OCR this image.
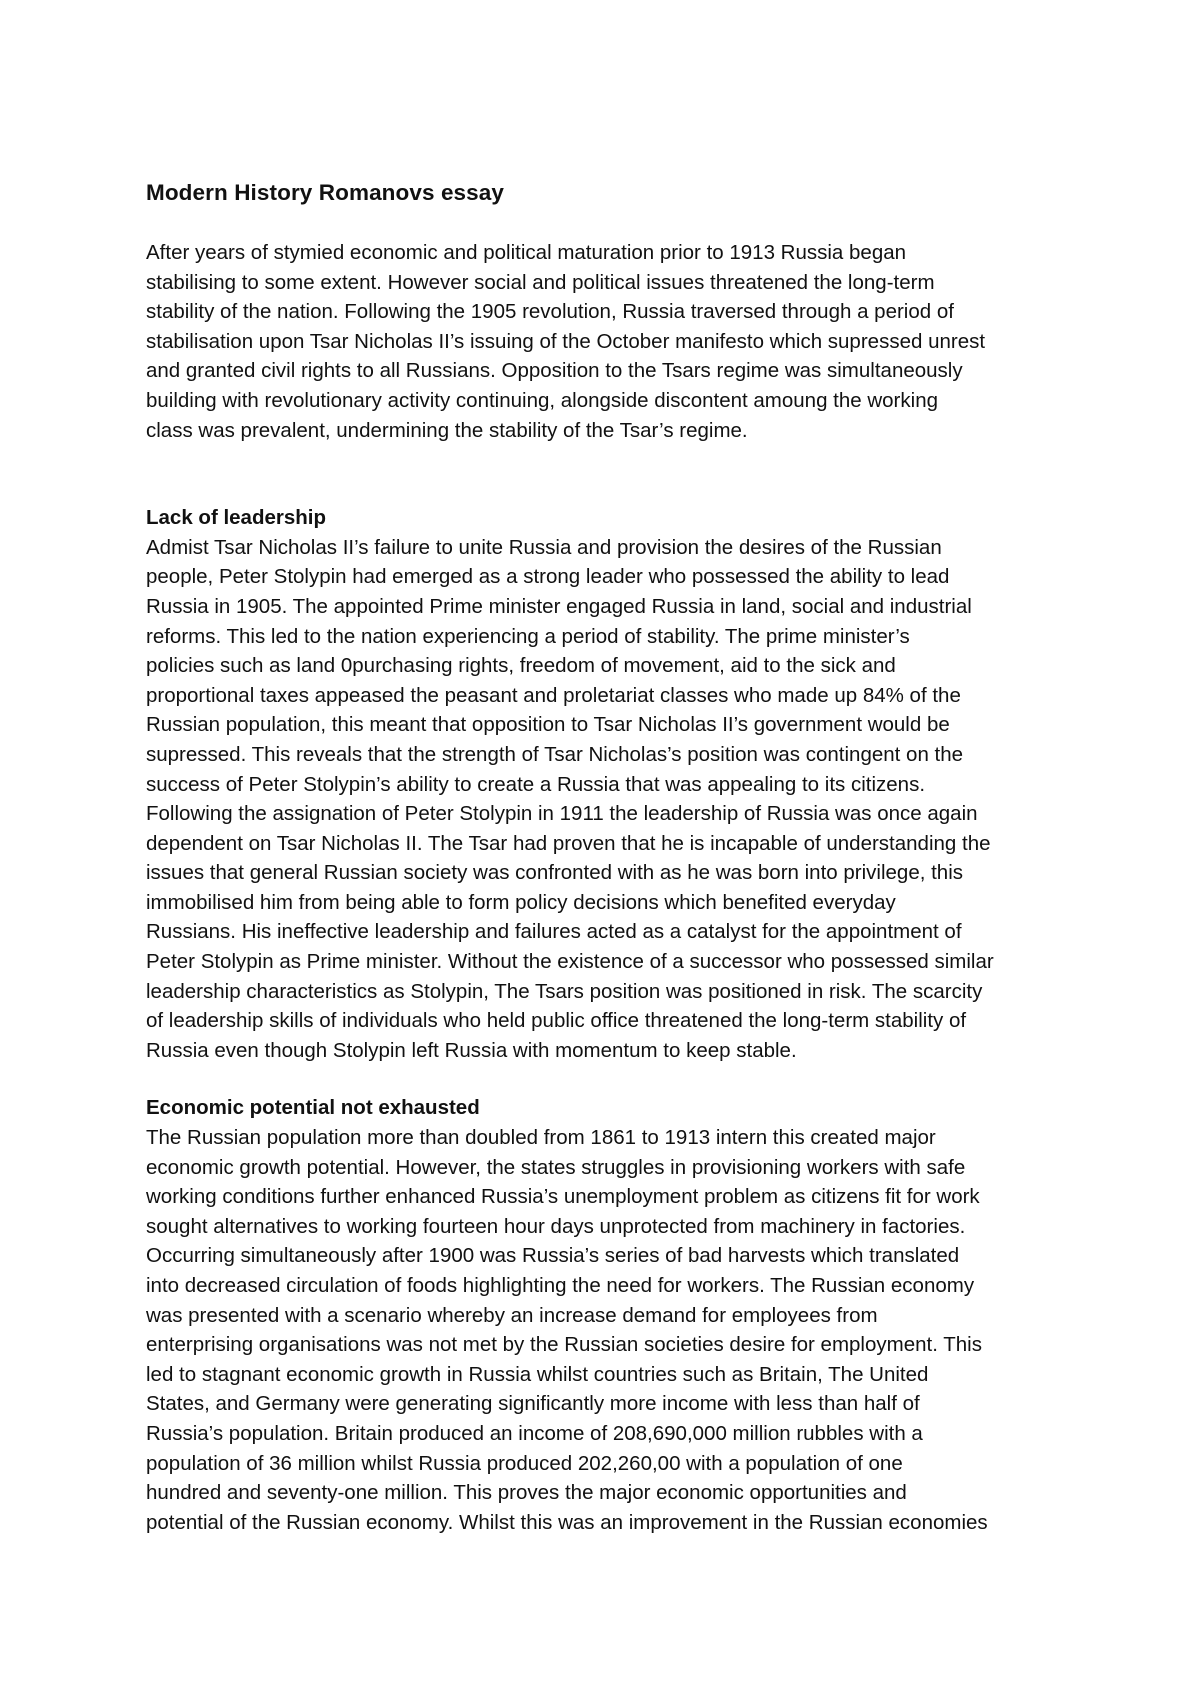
Modern History Romanovs essay

After years of stymied economic and political maturation prior to 1913 Russia began
stabilising to some extent. However social and political issues threatened the long-term
stability of the nation. Following the 1905 revolution, Russia traversed through a period of
stabilisation upon Tsar Nicholas II’s issuing of the October manifesto which supressed unrest
and granted civil rights to all Russians. Opposition to the Tsars regime was simultaneously
building with revolutionary activity continuing, alongside discontent amoung the working
class was prevalent, undermining the stability of the Tsar’s regime.

Lack of leadership

Admist Tsar Nicholas II’s failure to unite Russia and provision the desires of the Russian
people, Peter Stolypin had emerged as a strong leader who possessed the ability to lead
Russia in 1905. The appointed Prime minister engaged Russia in land, social and industrial
reforms. This led to the nation experiencing a period of stability. The prime minister’s
policies such as land 0purchasing rights, freedom of movement, aid to the sick and
proportional taxes appeased the peasant and proletariat classes who made up 84% of the
Russian population, this meant that opposition to Tsar Nicholas II’s government would be
supressed. This reveals that the strength of Tsar Nicholas’s position was contingent on the
success of Peter Stolypin’s ability to create a Russia that was appealing to its citizens.
Following the assignation of Peter Stolypin in 1911 the leadership of Russia was once again
dependent on Tsar Nicholas II. The Tsar had proven that he is incapable of understanding the
issues that general Russian society was confronted with as he was born into privilege, this
immobilised him from being able to form policy decisions which benefited everyday
Russians. His ineffective leadership and failures acted as a catalyst for the appointment of
Peter Stolypin as Prime minister. Without the existence of a successor who possessed similar
leadership characteristics as Stolypin, The Tsars position was positioned in risk. The scarcity
of leadership skills of individuals who held public office threatened the long-term stability of
Russia even though Stolypin left Russia with momentum to keep stable.

Economic potential not exhausted

The Russian population more than doubled from 1861 to 1913 intern this created major
economic growth potential. However, the states struggles in provisioning workers with safe
working conditions further enhanced Russia’s unemployment problem as citizens fit for work
sought alternatives to working fourteen hour days unprotected from machinery in factories.
Occurring simultaneously after 1900 was Russia’s series of bad harvests which translated
into decreased circulation of foods highlighting the need for workers. The Russian economy
was presented with a scenario whereby an increase demand for employees from
enterprising organisations was not met by the Russian societies desire for employment. This
led to stagnant economic growth in Russia whilst countries such as Britain, The United
States, and Germany were generating significantly more income with less than half of
Russia’s population. Britain produced an income of 208,690,000 million rubbles with a
population of 36 million whilst Russia produced 202,260,00 with a population of one
hundred and seventy-one million. This proves the major economic opportunities and
potential of the Russian economy. Whilst this was an improvement in the Russian economies
